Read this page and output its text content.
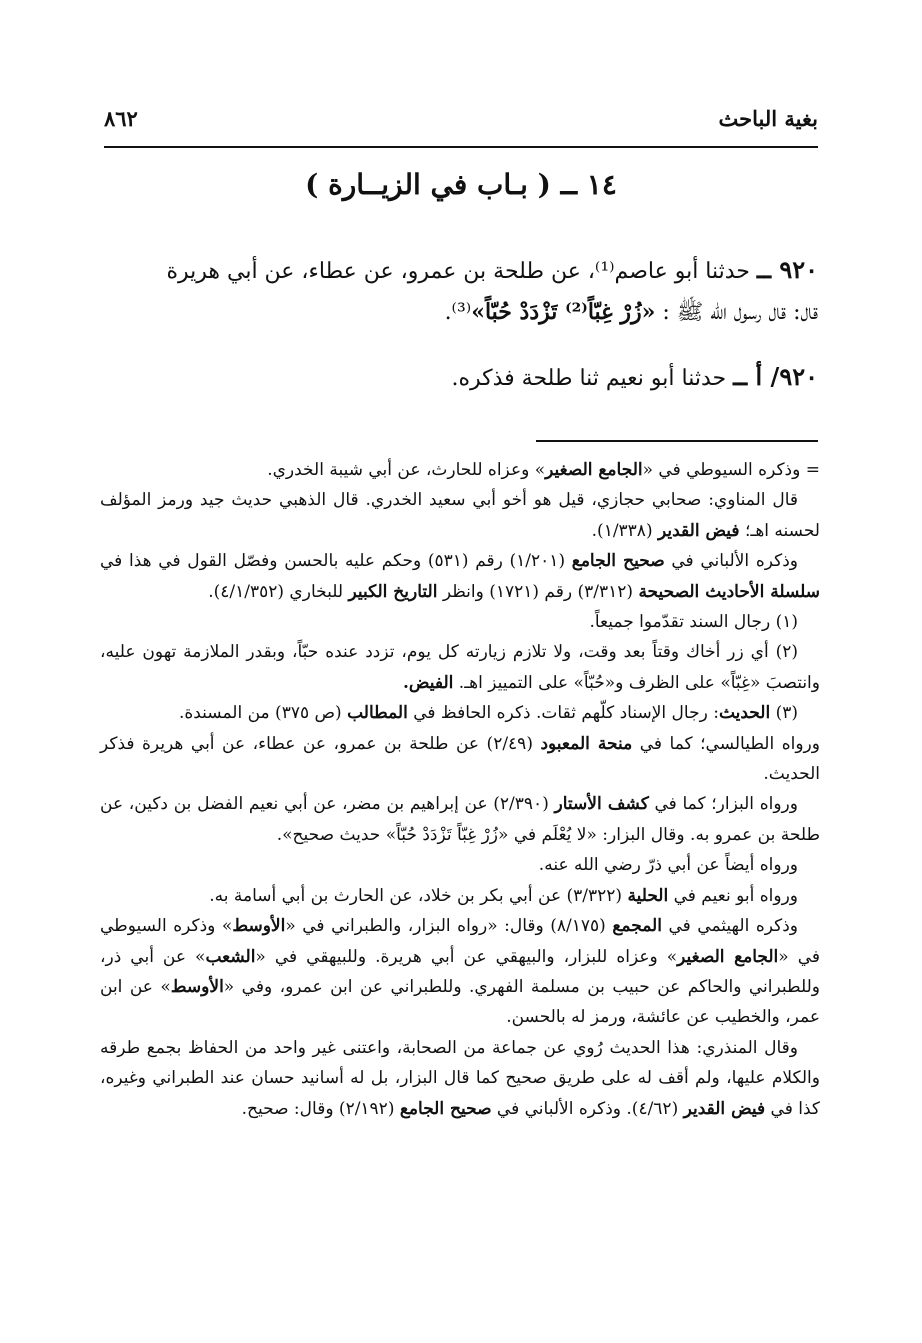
بغية الباحث
٨٦٢
١٤ ــ ( بـاب في الزيــارة )

٩٢٠ ــ حدثنا أبو عاصم⁽¹⁾، عن طلحة بن عمرو، عن عطاء، عن أبي هريرة
قال: قال رسول الله ﷺ : «زُرْ غِبّاً⁽²⁾ تَزْدَدْ حُبّاً»⁽³⁾.

٩٢٠/ أ ــ حدثنا أبو نعيم ثنا طلحة فذكره.

= وذكره السيوطي في «الجامع الصغير» وعزاه للحارث، عن أبي شيبة الخدري.

قال المناوي: صحابي حجازي، قيل هو أخو أبي سعيد الخدري. قال الذهبي حديث جيد ورمز المؤلف لحسنه اهـ؛ فيض القدير (١/٣٣٨).

وذكره الألباني في صحيح الجامع (١/٢٠١) رقم (٥٣١) وحكم عليه بالحسن وفصّل القول في هذا في سلسلة الأحاديث الصحيحة (٣/٣١٢) رقم (١٧٢١) وانظر التاريخ الكبير للبخاري (٤/١/٣٥٢).

(١) رجال السند تقدّموا جميعاً.

(٢) أي زر أخاك وقتاً بعد وقت، ولا تلازم زيارته كل يوم، تزدد عنده حبّاً، وبقدر الملازمة تهون عليه، وانتصبَ «غِبّاً» على الظرف و«حُبّاً» على التمييز اهـ. الفيض.

(٣) الحديث: رجال الإسناد كلّهم ثقات. ذكره الحافظ في المطالب (ص ٣٧٥) من المسندة.

ورواه الطيالسي؛ كما في منحة المعبود (٢/٤٩) عن طلحة بن عمرو، عن عطاء، عن أبي هريرة فذكر الحديث.

ورواه البزار؛ كما في كشف الأستار (٢/٣٩٠) عن إبراهيم بن مضر، عن أبي نعيم الفضل بن دكين، عن طلحة بن عمرو به. وقال البزار: «لا يُعْلَم في «زُرْ غِبّاً تَزْدَدْ حُبّاً» حديث صحيح».

ورواه أيضاً عن أبي ذرّ رضي الله عنه.

ورواه أبو نعيم في الحلية (٣/٣٢٢) عن أبي بكر بن خلاد، عن الحارث بن أبي أسامة به.

وذكره الهيثمي في المجمع (٨/١٧٥) وقال: «رواه البزار، والطبراني في «الأوسط» وذكره السيوطي في «الجامع الصغير» وعزاه للبزار، والبيهقي عن أبي هريرة. وللبيهقي في «الشعب» عن أبي ذر، وللطبراني والحاكم عن حبيب بن مسلمة الفهري. وللطبراني عن ابن عمرو، وفي «الأوسط» عن ابن عمر، والخطيب عن عائشة، ورمز له بالحسن.

وقال المنذري: هذا الحديث رُوي عن جماعة من الصحابة، واعتنى غير واحد من الحفاظ بجمع طرقه والكلام عليها، ولم أقف له على طريق صحيح كما قال البزار، بل له أسانيد حسان عند الطبراني وغيره، كذا في فيض القدير (٤/٦٢). وذكره الألباني في صحيح الجامع (٢/١٩٢) وقال: صحيح.
